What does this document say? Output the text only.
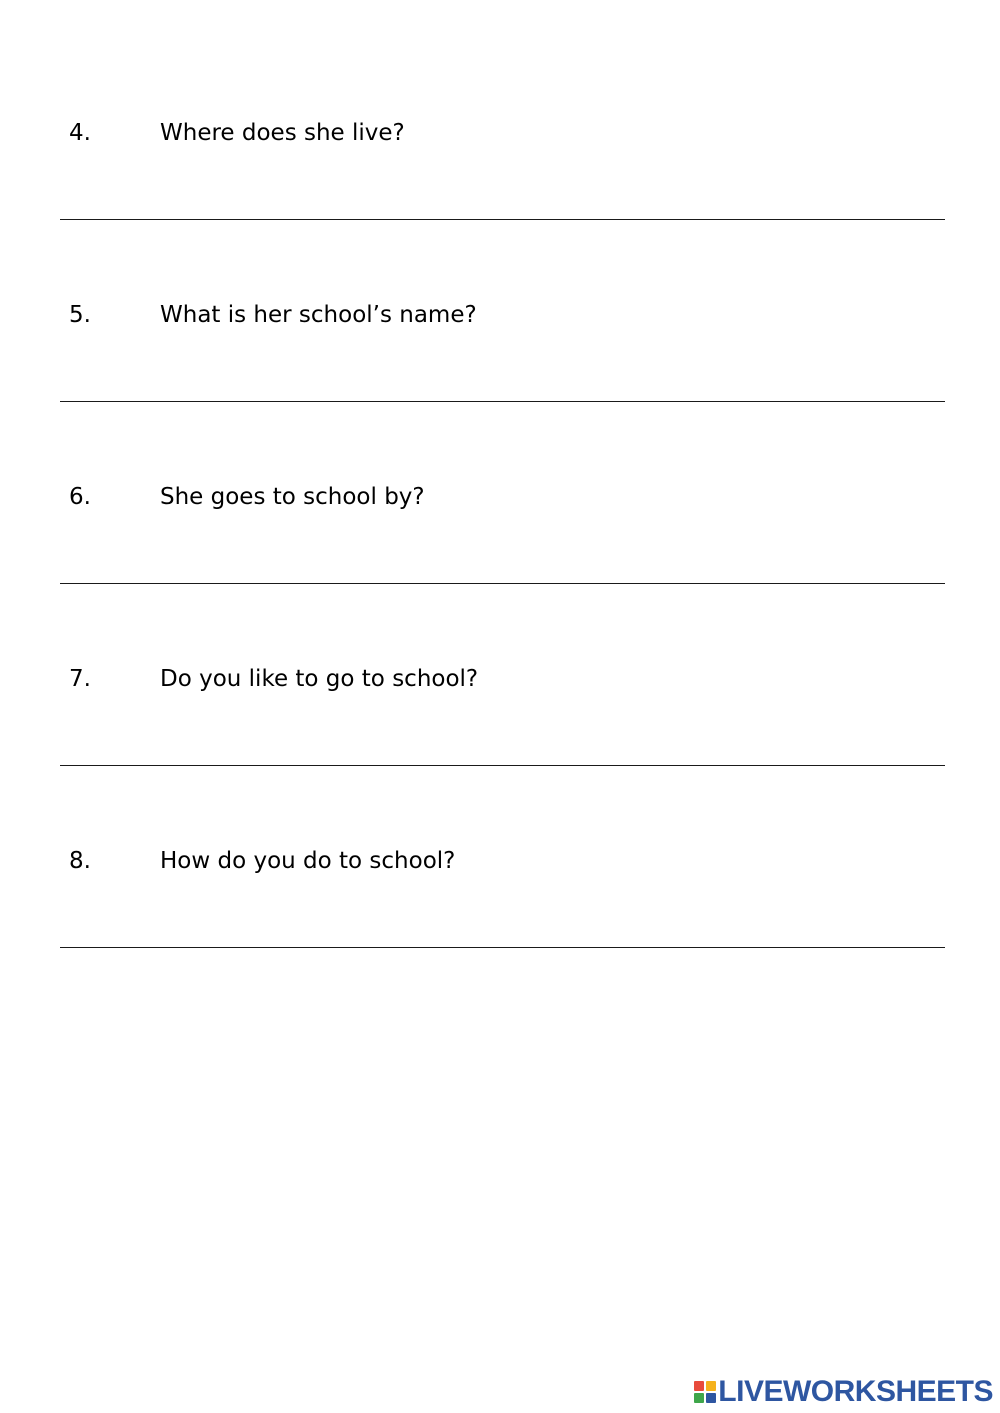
4.	Where does she live?
5.	What is her school’s name?
6.	She goes to school by?
7.	Do you like to go to school?
8.	How do you do to school?
LIVEWORKSHEETS
